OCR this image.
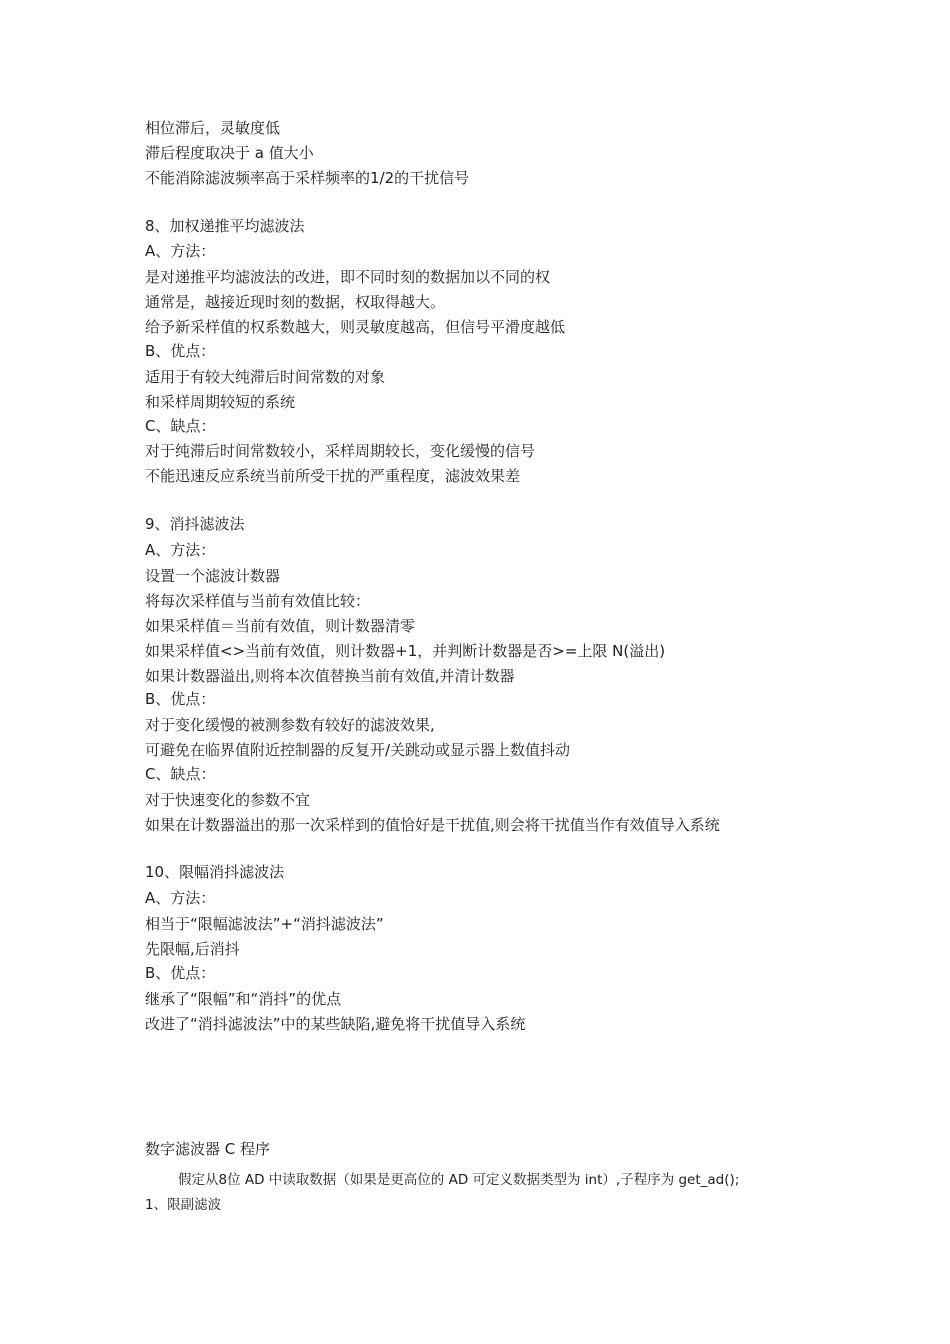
相位滞后，灵敏度低
滞后程度取决于 a 值大小
不能消除滤波频率高于采样频率的1/2的干扰信号
8、加权递推平均滤波法
A、方法：
是对递推平均滤波法的改进，即不同时刻的数据加以不同的权
通常是，越接近现时刻的数据，权取得越大。
给予新采样值的权系数越大，则灵敏度越高，但信号平滑度越低
B、优点：
适用于有较大纯滞后时间常数的对象
和采样周期较短的系统
C、缺点：
对于纯滞后时间常数较小，采样周期较长，变化缓慢的信号
不能迅速反应系统当前所受干扰的严重程度，滤波效果差
9、消抖滤波法
A、方法：
设置一个滤波计数器
将每次采样值与当前有效值比较：
如果采样值＝当前有效值，则计数器清零
如果采样值<>当前有效值，则计数器+1，并判断计数器是否>=上限 N(溢出)
如果计数器溢出,则将本次值替换当前有效值,并清计数器
B、优点：
对于变化缓慢的被测参数有较好的滤波效果,
可避免在临界值附近控制器的反复开/关跳动或显示器上数值抖动
C、缺点：
对于快速变化的参数不宜
如果在计数器溢出的那一次采样到的值恰好是干扰值,则会将干扰值当作有效值导入系统
10、限幅消抖滤波法
A、方法：
相当于“限幅滤波法”+“消抖滤波法”
先限幅,后消抖
B、优点：
继承了“限幅”和“消抖”的优点
改进了“消抖滤波法”中的某些缺陷,避免将干扰值导入系统
数字滤波器 C 程序
假定从8位 AD 中读取数据（如果是更高位的 AD 可定义数据类型为 int）,子程序为 get_ad();
1、限副滤波
